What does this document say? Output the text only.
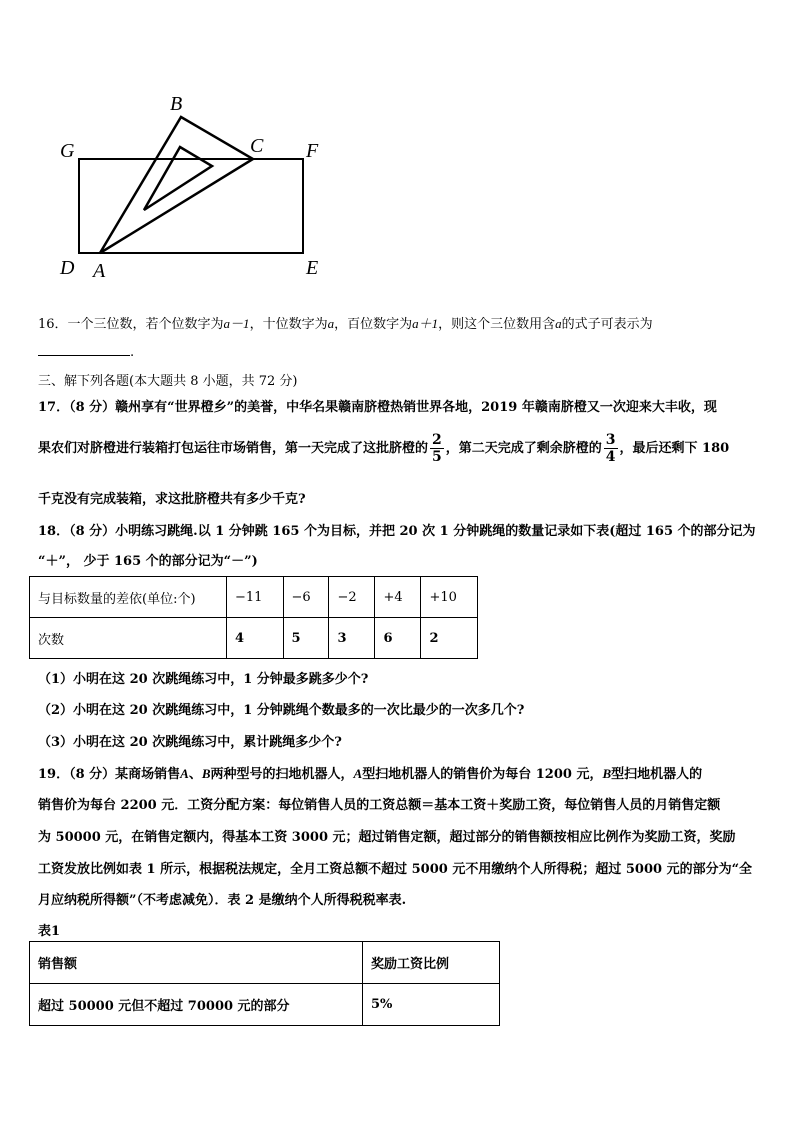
B
C
G	F
D A	E
16．一个三位数，若个位数字为a－1，十位数字为a，百位数字为a＋1，则这个三位数用含a的式子可表示为
.
三、解下列各题(本大题共 8 小题，共 72 分)
17．（8 分）赣州享有“世界橙乡”的美誉，中华名果赣南脐橙热销世界各地，2019 年赣南脐橙又一次迎来大丰收，现
果农们对脐橙进行装箱打包运往市场销售，第一天完成了这批脐橙的 $\frac{2}{5}$ ，第二天完成了剩余脐橙的 $\frac{3}{4}$ ，最后还剩下 180
千克没有完成装箱，求这批脐橙共有多少千克?
18．（8 分）小明练习跳绳.以 1 分钟跳 165 个为目标，并把 20 次 1 分钟跳绳的数量记录如下表(超过 165 个的部分记为
“＋”， 少于 165 个的部分记为“－”)
与目标数量的差依(单位:个)	−11	−6	−2	+4	+10
次数	4	5	3	6	2
（1）小明在这 20 次跳绳练习中，1 分钟最多跳多少个?
（2）小明在这 20 次跳绳练习中，1 分钟跳绳个数最多的一次比最少的一次多几个?
（3）小明在这 20 次跳绳练习中，累计跳绳多少个?
19．（8 分）某商场销售A、B两种型号的扫地机器人，A型扫地机器人的销售价为每台 1200 元，B型扫地机器人的
销售价为每台 2200 元．工资分配方案：每位销售人员的工资总额＝基本工资＋奖励工资，每位销售人员的月销售定额
为 50000 元，在销售定额内，得基本工资 3000 元；超过销售定额，超过部分的销售额按相应比例作为奖励工资，奖励
工资发放比例如表 1 所示，根据税法规定，全月工资总额不超过 5000 元不用缴纳个人所得税；超过 5000 元的部分为“全
月应纳税所得额”（不考虑减免）．表 2 是缴纳个人所得税税率表.
表1
销售额	奖励工资比例
超过 50000 元但不超过 70000 元的部分	5%
